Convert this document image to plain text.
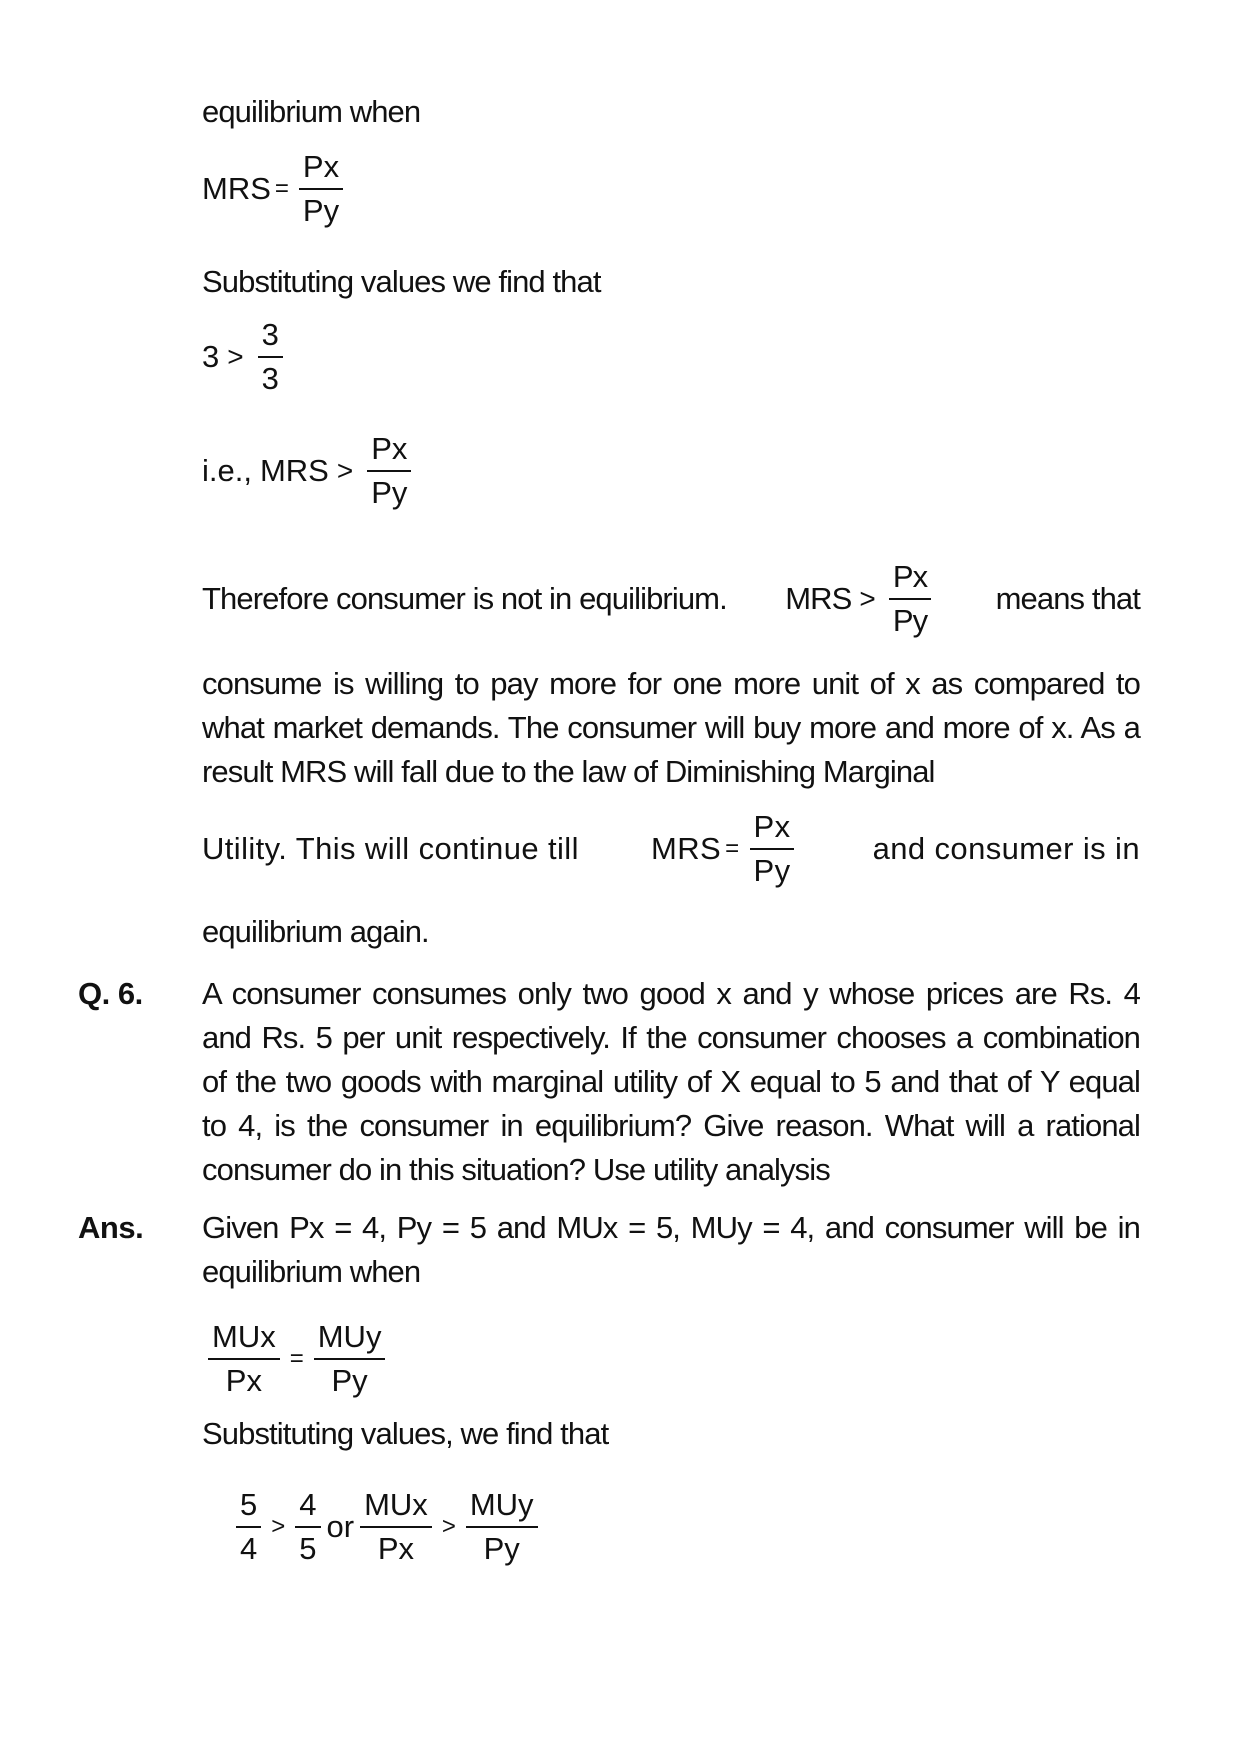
equilibrium when
MRS = $\frac{Px}{Py}$
Substituting values we find that
$3 > \frac{3}{3}$
i.e., MRS > $\frac{Px}{Py}$
Therefore consumer is not in equilibrium. MRS > $\frac{Px}{Py}$ means that
consume is willing to pay more for one more unit of x as compared to what market demands. The consumer will buy more and more of x. As a result MRS will fall due to the law of Diminishing Marginal
Utility. This will continue till MRS = $\frac{Px}{Py}$	and consumer is in
equilibrium again.
Q. 6. A consumer consumes only two good x and y whose prices are Rs. 4 and Rs. 5 per unit respectively. If the consumer chooses a combination of the two goods with marginal utility of X equal to 5 and that of Y equal to 4, is the consumer in equilibrium? Give reason. What will a rational consumer do in this situation? Use utility analysis
Ans. Given Px = 4, Py = 5 and MUx = 5, MUy = 4, and consumer will be in equilibrium when
$\frac{\text{MUx}}{Px} = \frac{\text{MUy}}{Py}$
Substituting values, we find that
$\frac{5}{4} > \frac{4}{5}$ or $\frac{\text{MUx}}{Px} > \frac{\text{MUy}}{Py}$
